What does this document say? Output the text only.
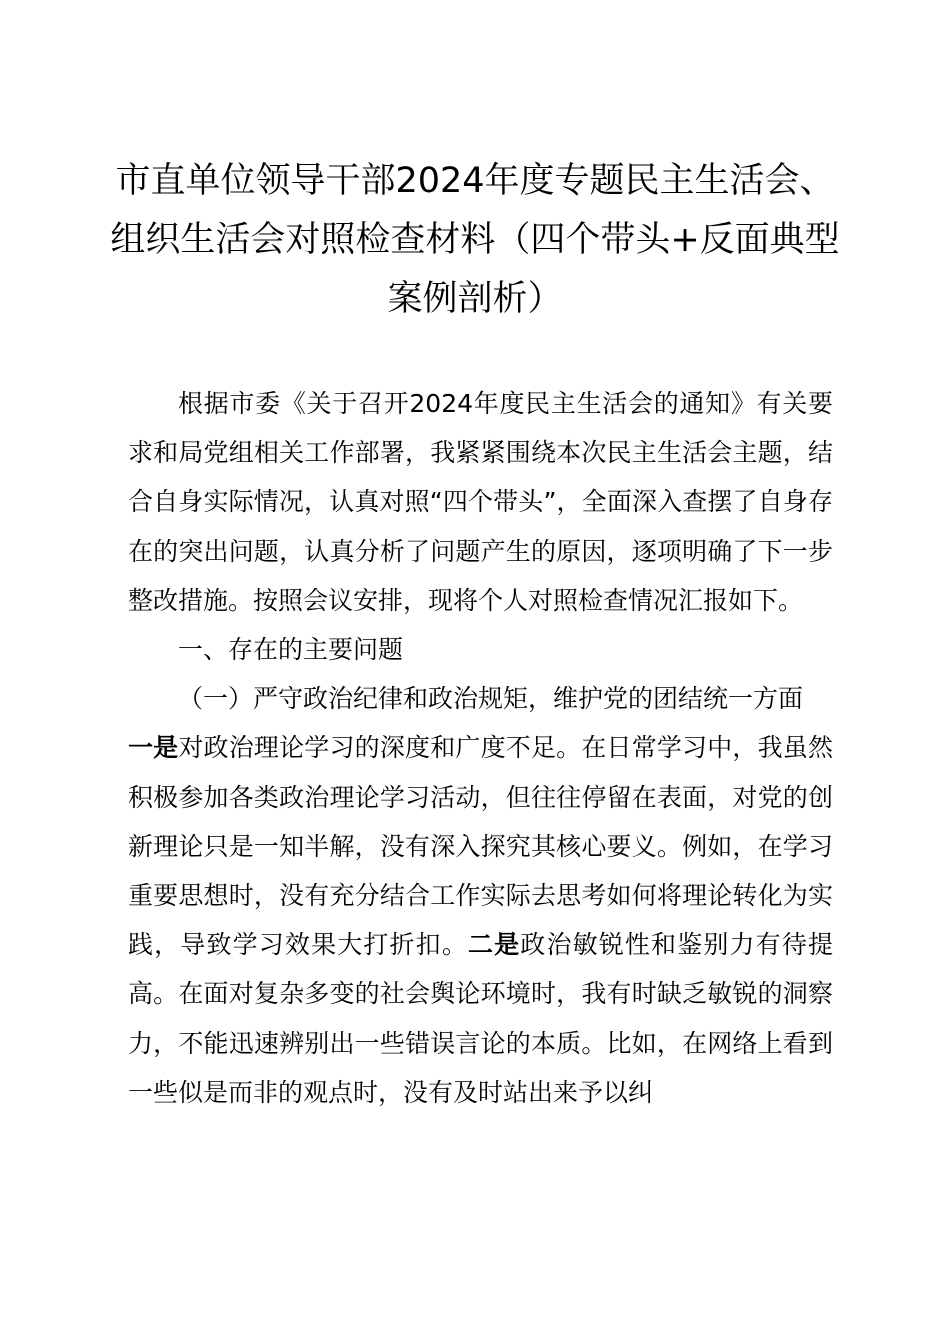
市直单位领导干部2024年度专题民主生活会、组织生活会对照检查材料（四个带头+反面典型案例剖析）

根据市委《关于召开2024年度民主生活会的通知》有关要求和局党组相关工作部署，我紧紧围绕本次民主生活会主题，结合自身实际情况，认真对照“四个带头”，全面深入查摆了自身存在的突出问题，认真分析了问题产生的原因，逐项明确了下一步整改措施。按照会议安排，现将个人对照检查情况汇报如下。

一、存在的主要问题

（一）严守政治纪律和政治规矩，维护党的团结统一方面

一是对政治理论学习的深度和广度不足。在日常学习中，我虽然积极参加各类政治理论学习活动，但往往停留在表面，对党的创新理论只是一知半解，没有深入探究其核心要义。例如，在学习重要思想时，没有充分结合工作实际去思考如何将理论转化为实践，导致学习效果大打折扣。二是政治敏锐性和鉴别力有待提高。在面对复杂多变的社会舆论环境时，我有时缺乏敏锐的洞察力，不能迅速辨别出一些错误言论的本质。比如，在网络上看到一些似是而非的观点时，没有及时站出来予以纠
